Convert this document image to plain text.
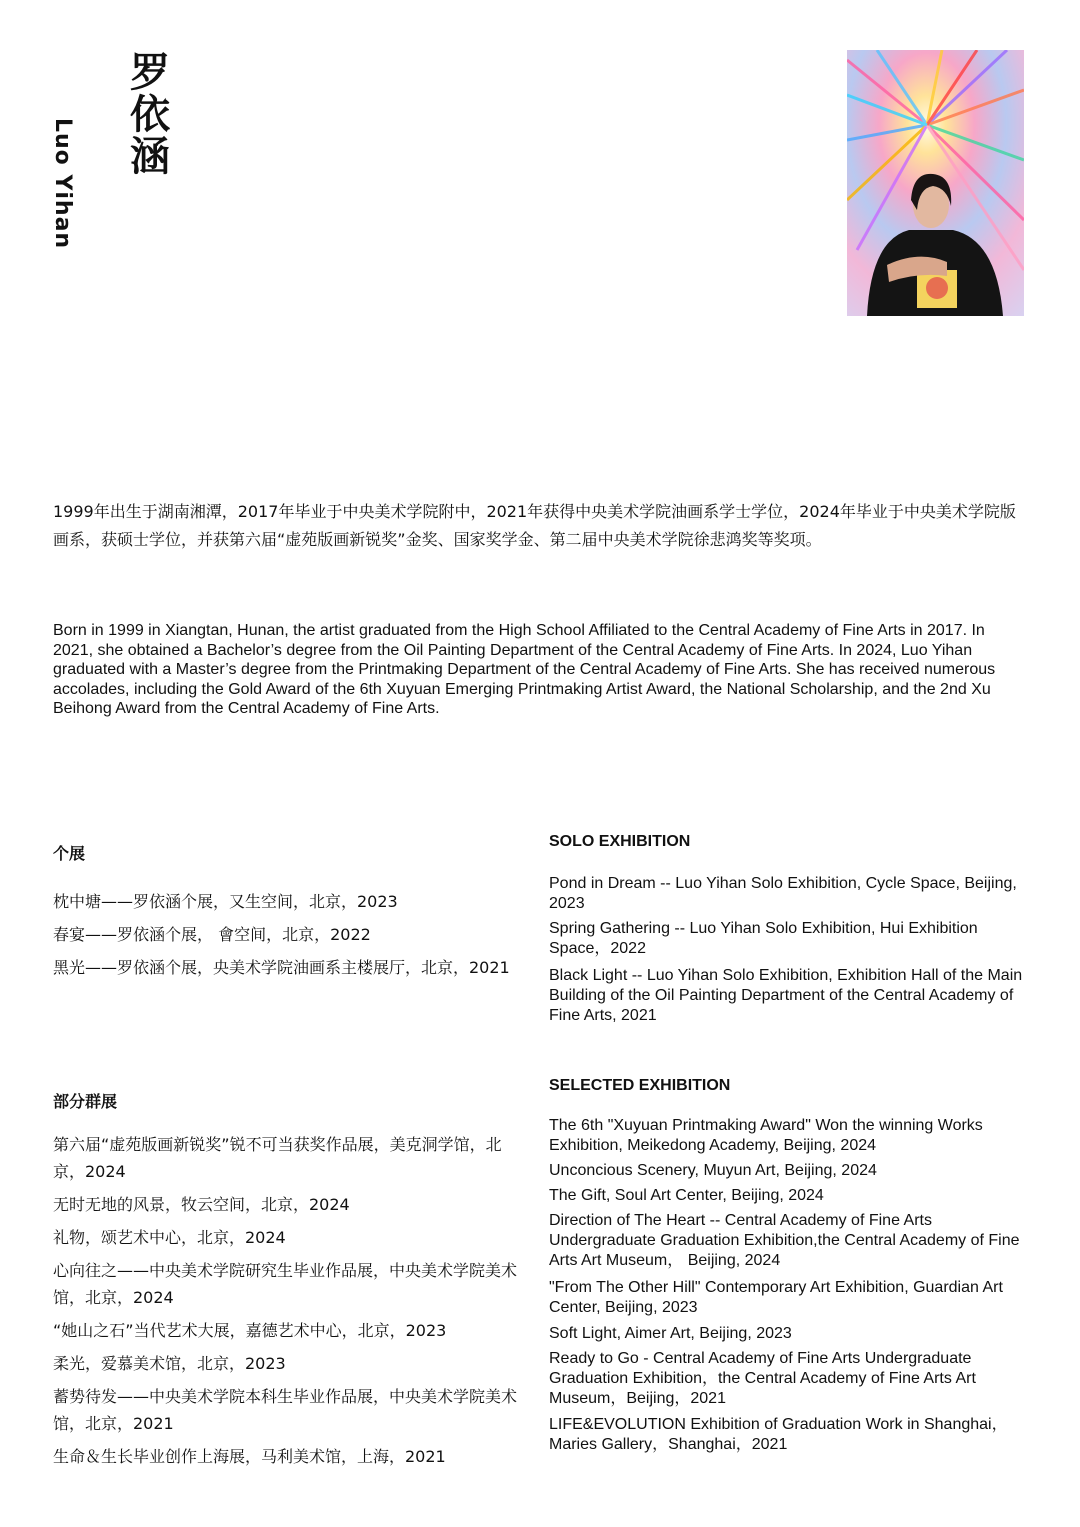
罗依涵
Luo Yihan
1999年出生于湖南湘潭，2017年毕业于中央美术学院附中，2021年获得中央美术学院油画系学士学位，2024年毕业于中央美术学院版画系，获硕士学位，并获第六届“虚苑版画新锐奖”金奖、国家奖学金、第二届中央美术学院徐悲鸿奖等奖项。
Born in 1999 in Xiangtan, Hunan, the artist graduated from the High School Affiliated to the Central Academy of Fine Arts in 2017. In 2021, she obtained a Bachelor’s degree from the Oil Painting Department of the Central Academy of Fine Arts. In 2024, Luo Yihan graduated with a Master’s degree from the Printmaking Department of the Central Academy of Fine Arts. She has received numerous accolades, including the Gold Award of the 6th Xuyuan Emerging Printmaking Artist Award, the National Scholarship, and the 2nd Xu Beihong Award from the Central Academy of Fine Arts.
个展
SOLO EXHIBITION
枕中塘——罗依涵个展，又生空间，北京，2023
春宴——罗依涵个展， 會空间，北京，2022
黑光——罗依涵个展，央美术学院油画系主楼展厅，北京，2021
Pond in Dream -- Luo Yihan Solo Exhibition, Cycle Space, Beijing, 2023
Spring Gathering -- Luo Yihan Solo Exhibition, Hui Exhibition Space，2022
Black Light -- Luo Yihan Solo Exhibition, Exhibition Hall of the Main Building of the Oil Painting Department of the Central Academy of Fine Arts, 2021
部分群展
SELECTED EXHIBITION
第六届“虚苑版画新锐奖”锐不可当获奖作品展，美克洞学馆，北京，2024
无时无地的风景，牧云空间，北京，2024
礼物，颂艺术中心，北京，2024
心向往之——中央美术学院研究生毕业作品展，中央美术学院美术馆，北京，2024
“她山之石”当代艺术大展，嘉德艺术中心，北京，2023
柔光，爱慕美术馆，北京，2023
蓄势待发——中央美术学院本科生毕业作品展，中央美术学院美术馆，北京，2021
生命＆生长毕业创作上海展，马利美术馆，上海，2021
The 6th "Xuyuan Printmaking Award" Won the winning Works Exhibition, Meikedong Academy, Beijing, 2024
Unconcious Scenery, Muyun Art, Beijing, 2024
The Gift, Soul Art Center, Beijing, 2024
Direction of The Heart -- Central Academy of Fine Arts Undergraduate Graduation Exhibition,the Central Academy of Fine Arts Art Museum， Beijing, 2024
"From The Other Hill" Contemporary Art Exhibition, Guardian Art Center, Beijing, 2023
Soft Light, Aimer Art, Beijing, 2023
Ready to Go - Central Academy of Fine Arts Undergraduate Graduation Exhibition，the Central Academy of Fine Arts Art Museum，Beijing，2021
LIFE&EVOLUTION Exhibition of Graduation Work in Shanghai， Maries Gallery，Shanghai，2021
